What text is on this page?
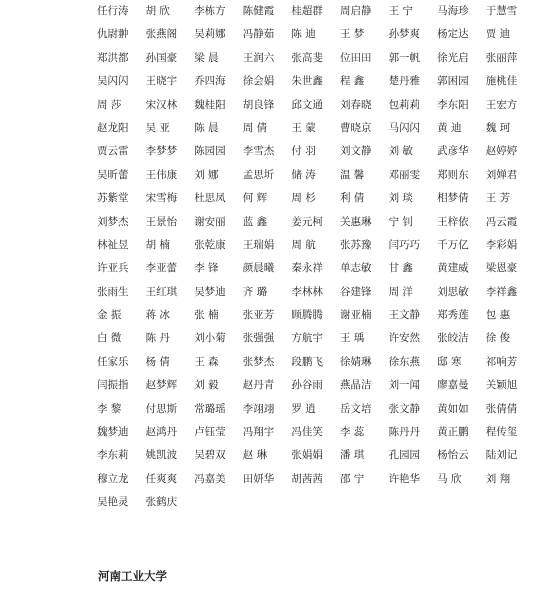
任行涛	胡 欣	李栋方	陈健霞	桂超群	周启静	王 宁	马海珍	于慧雪
仇尉翀	张燕阁	吴莉娜	冯静茹	陈 迪	王 梦	孙梦爽	杨定达	贾 迪
郑洪都	孙国豪	梁 晨	王润六	张高斐	位田田	郭一帆	徐光启	张丽萍
吴闪闪	王晓宇	乔四海	徐会娟	朱世鑫	程 鑫	楚丹雅	郭困园	施桃佳
周 莎	宋汉林	魏桂阳	胡良锋	邱文通	刘春晓	包莉莉	李东阳	王宏方
赵龙阳	吴 亚	陈 晨	周 倩	王 蒙	曹晓京	马闪闪	黄 迪	魏 珂
贾云雷	李梦梦	陈园园	李雪杰	付 羽	刘文静	刘 敏	武彦华	赵婷婷
吴昕蕾	王伟康	刘 娜	孟思圻	储 涛	温 馨	邓丽雯	郑则东	刘婵君
苏紫堂	宋雪梅	杜思凤	何 辉	周 杉	利 倩	刘 琰	相梦倩	王 芳
刘梦杰	王景怡	谢安丽	蓝 鑫	姜元柯	关惠琳	宁 钊	王梓依	冯云霞
林祉昱	胡 楠	张乾康	王瑞娟	周 航	张苏豫	闫巧巧	千万亿	李彩娟
许亚兵	李亚蕾	李 锋	颜晨曦	秦永祥	单志敏	甘 鑫	黄建威	梁恩豪
张雨生	王红琪	吴梦迪	齐 璐	李林林	谷建锋	周 洋	刘思敏	李祥鑫
金 振	蒋 冰	张 楠	张亚芳	顾腾腾	谢亚楠	王文静	郑秀莲	包 惠
白 微	陈 丹	刘小菊	张强强	方航宇	王 瑀	许安然	张皎洁	徐 俊
任家乐	杨 倩	王 森	张梦杰	段鹏飞	徐婧琳	徐东燕	邸 寒	祁响芳
闫振指	赵梦辉	刘 毅	赵丹青	孙谷雨	燕晶洁	刘一闻	廖嘉曼	关颖旭
李 黎	付思斯	常璐瑶	李翊翊	罗 逍	岳文培	张文静	黄如如	张倩倩
魏梦迪	赵鸿丹	卢钰莹	冯翔宇	冯佳笑	李 蕊	陈丹丹	黄正鹏	程传玺
李东莉	姚凯波	吴碧双	赵 琳	张娟娟	潘 琪	孔园园	杨怡云	陆刘记
穆立龙	任爽爽	冯嘉美	田妍华	胡茜茜	邵 宁	许艳华	马 欣	刘 翔
吴艳灵	张鹤庆
河南工业大学
